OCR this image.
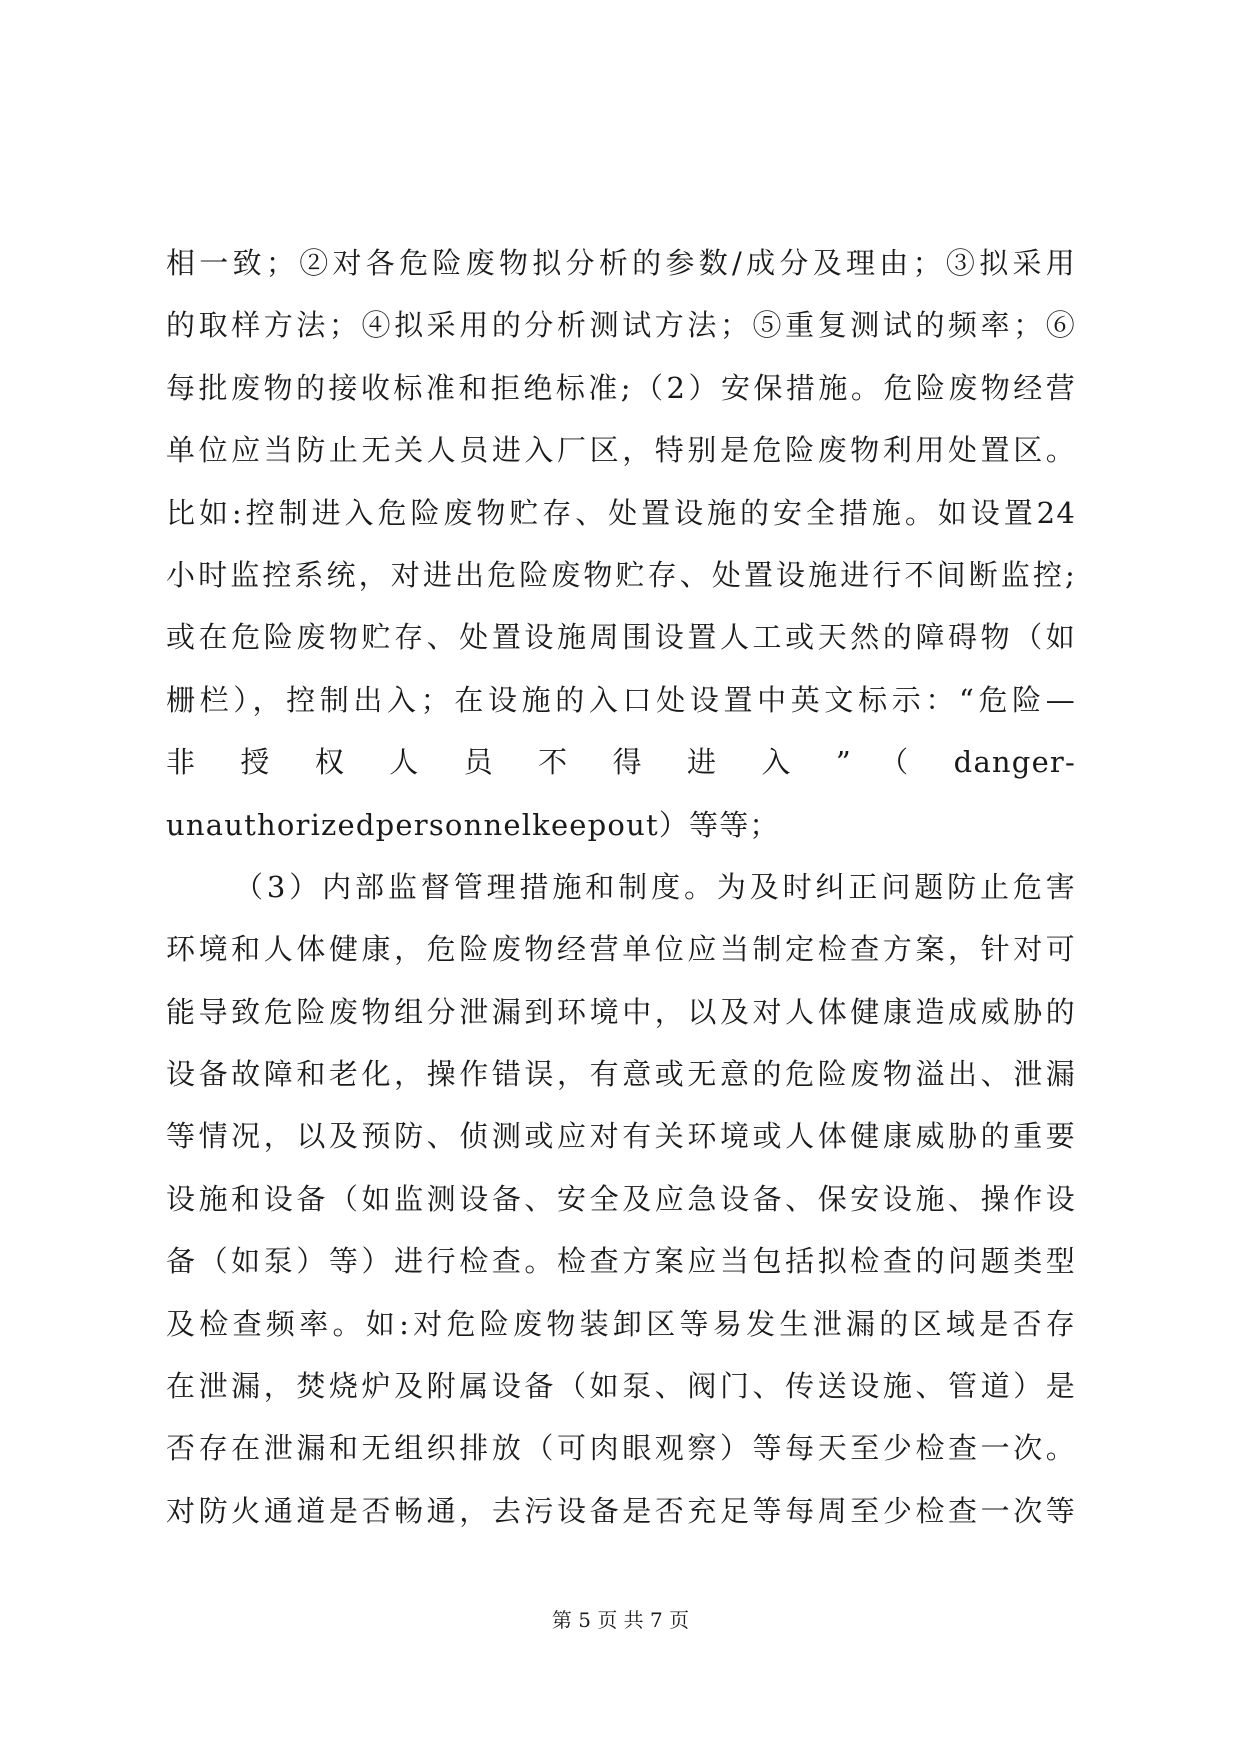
相一致；②对各危险废物拟分析的参数/成分及理由；③拟采用
的取样方法；④拟采用的分析测试方法；⑤重复测试的频率；⑥
每批废物的接收标准和拒绝标准;（2）安保措施。危险废物经营
单位应当防止无关人员进入厂区，特别是危险废物利用处置区。
比如:控制进入危险废物贮存、处置设施的安全措施。如设置24
小时监控系统，对进出危险废物贮存、处置设施进行不间断监控;
或在危险废物贮存、处置设施周围设置人工或天然的障碍物（如
栅栏），控制出入；在设施的入口处设置中英文标示：“危险—
非 授 权 人 员 不 得 进 入 ” （ danger-
unauthorizedpersonnelkeepout）等等；
（3）内部监督管理措施和制度。为及时纠正问题防止危害
环境和人体健康，危险废物经营单位应当制定检查方案，针对可
能导致危险废物组分泄漏到环境中，以及对人体健康造成威胁的
设备故障和老化，操作错误，有意或无意的危险废物溢出、泄漏
等情况，以及预防、侦测或应对有关环境或人体健康威胁的重要
设施和设备（如监测设备、安全及应急设备、保安设施、操作设
备（如泵）等）进行检查。检查方案应当包括拟检查的问题类型
及检查频率。如:对危险废物装卸区等易发生泄漏的区域是否存
在泄漏，焚烧炉及附属设备（如泵、阀门、传送设施、管道）是
否存在泄漏和无组织排放（可肉眼观察）等每天至少检查一次。
对防火通道是否畅通，去污设备是否充足等每周至少检查一次等
第 5 页 共 7 页
